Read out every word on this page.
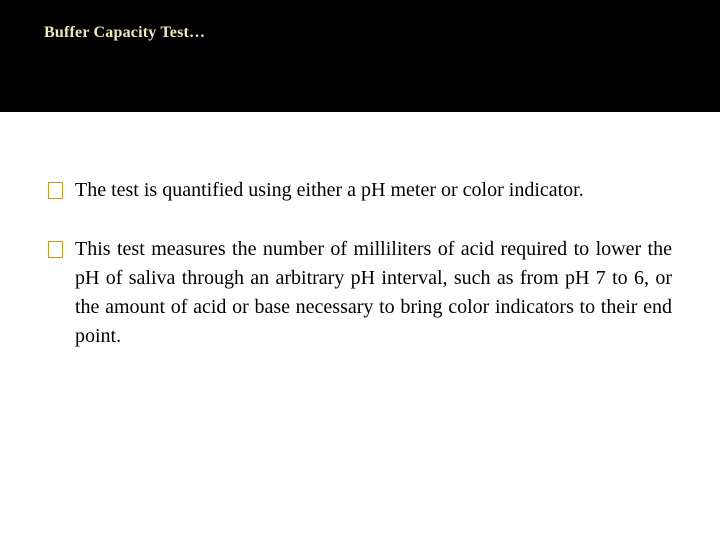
Buffer Capacity Test…
The test is quantified using either a pH meter or color indicator.
This test measures the number of milliliters of acid required to lower the pH of saliva through an arbitrary pH interval, such as from pH 7 to 6, or the amount of acid or base necessary to bring color indicators to their end point.
